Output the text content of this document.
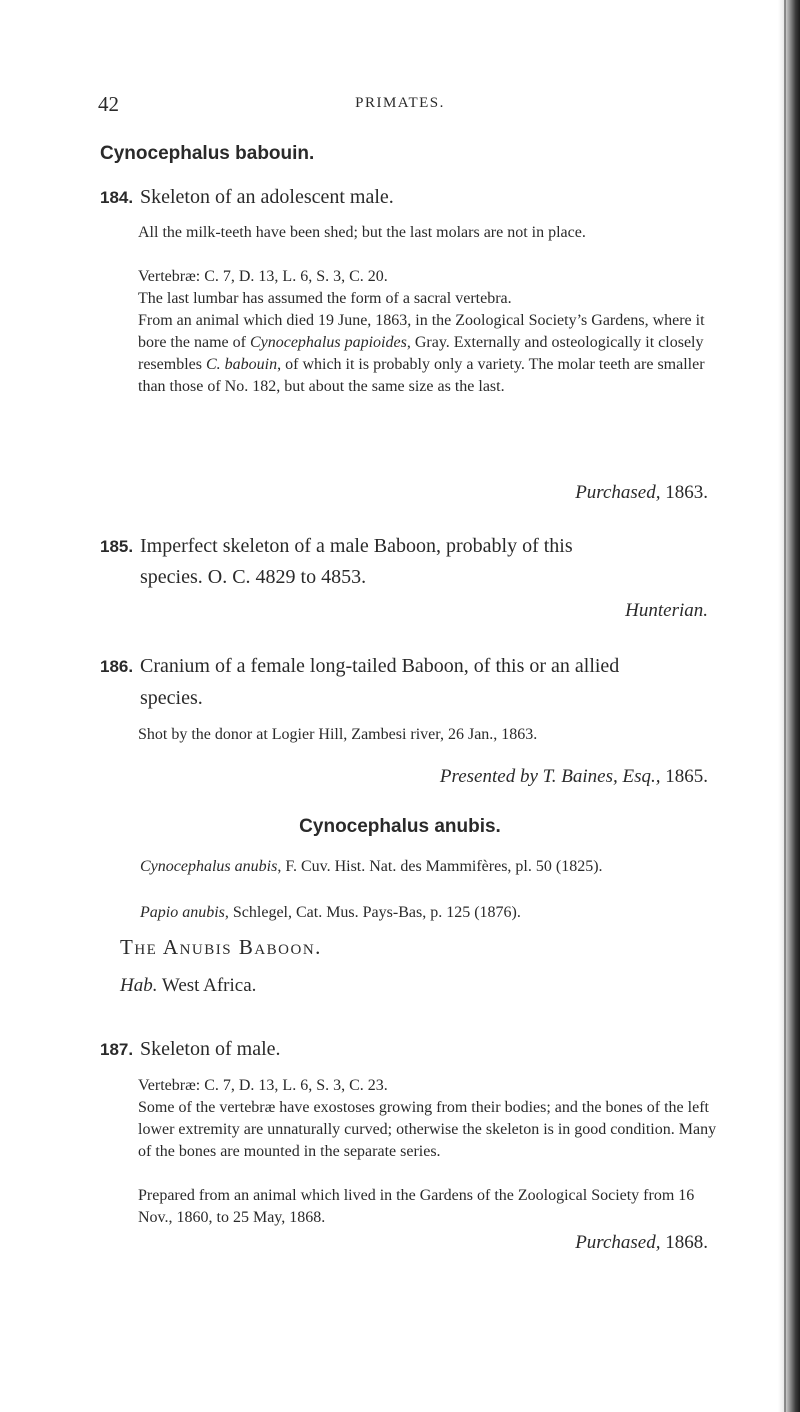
42	PRIMATES.
Cynocephalus babouin.
184. Skeleton of an adolescent male.
All the milk-teeth have been shed; but the last molars are not in place.
Vertebræ: C. 7, D. 13, L. 6, S. 3, C. 20.
The last lumbar has assumed the form of a sacral vertebra.
From an animal which died 19 June, 1863, in the Zoological Society’s Gardens, where it bore the name of Cynocephalus papioides, Gray. Externally and osteologically it closely resembles C. babouin, of which it is probably only a variety. The molar teeth are smaller than those of No. 182, but about the same size as the last.
Purchased, 1863.
185. Imperfect skeleton of a male Baboon, probably of this
species. O. C. 4829 to 4853.
Hunterian.
186. Cranium of a female long-tailed Baboon, of this or an allied
species.
Shot by the donor at Logier Hill, Zambesi river, 26 Jan., 1863.
Presented by T. Baines, Esq., 1865.
Cynocephalus anubis.
Cynocephalus anubis, F. Cuv. Hist. Nat. des Mammifères, pl. 50 (1825).
Papio anubis, Schlegel, Cat. Mus. Pays-Bas, p. 125 (1876).
The Anubis Baboon.
Hab. West Africa.
187. Skeleton of male.
Vertebræ: C. 7, D. 13, L. 6, S. 3, C. 23.
Some of the vertebræ have exostoses growing from their bodies; and the bones of the left lower extremity are unnaturally curved; otherwise the skeleton is in good condition. Many of the bones are mounted in the separate series.
Prepared from an animal which lived in the Gardens of the Zoological Society from 16 Nov., 1860, to 25 May, 1868.
Purchased, 1868.
